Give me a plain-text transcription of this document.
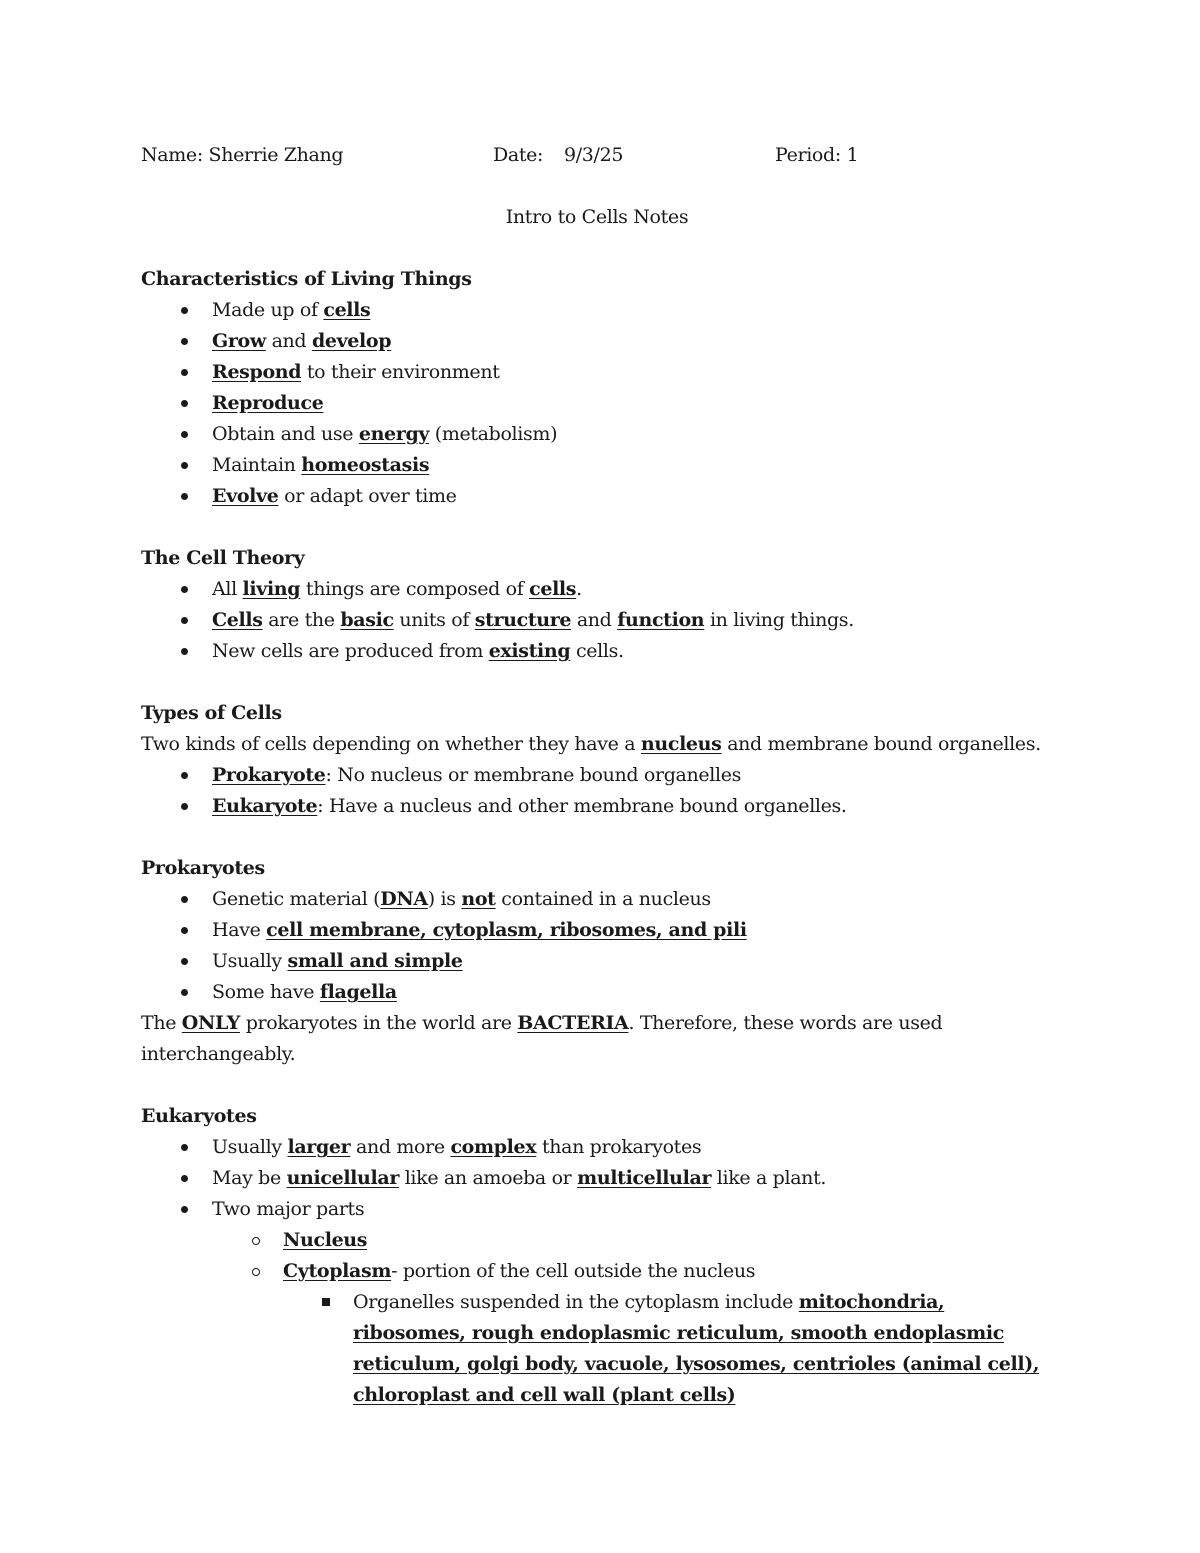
Name: Sherrie Zhang	Date: 9/3/25	Period: 1
Intro to Cells Notes
Characteristics of Living Things
Made up of cells
Grow and develop
Respond to their environment
Reproduce
Obtain and use energy (metabolism)
Maintain homeostasis
Evolve or adapt over time
The Cell Theory
All living things are composed of cells.
Cells are the basic units of structure and function in living things.
New cells are produced from existing cells.
Types of Cells
Two kinds of cells depending on whether they have a nucleus and membrane bound organelles.
Prokaryote: No nucleus or membrane bound organelles
Eukaryote: Have a nucleus and other membrane bound organelles.
Prokaryotes
Genetic material (DNA) is not contained in a nucleus
Have cell membrane, cytoplasm, ribosomes, and pili
Usually small and simple
Some have flagella
The ONLY prokaryotes in the world are BACTERIA. Therefore, these words are used interchangeably.
Eukaryotes
Usually larger and more complex than prokaryotes
May be unicellular like an amoeba or multicellular like a plant.
Two major parts
Nucleus
Cytoplasm- portion of the cell outside the nucleus
Organelles suspended in the cytoplasm include mitochondria, ribosomes, rough endoplasmic reticulum, smooth endoplasmic reticulum, golgi body, vacuole, lysosomes, centrioles (animal cell), chloroplast and cell wall (plant cells)
